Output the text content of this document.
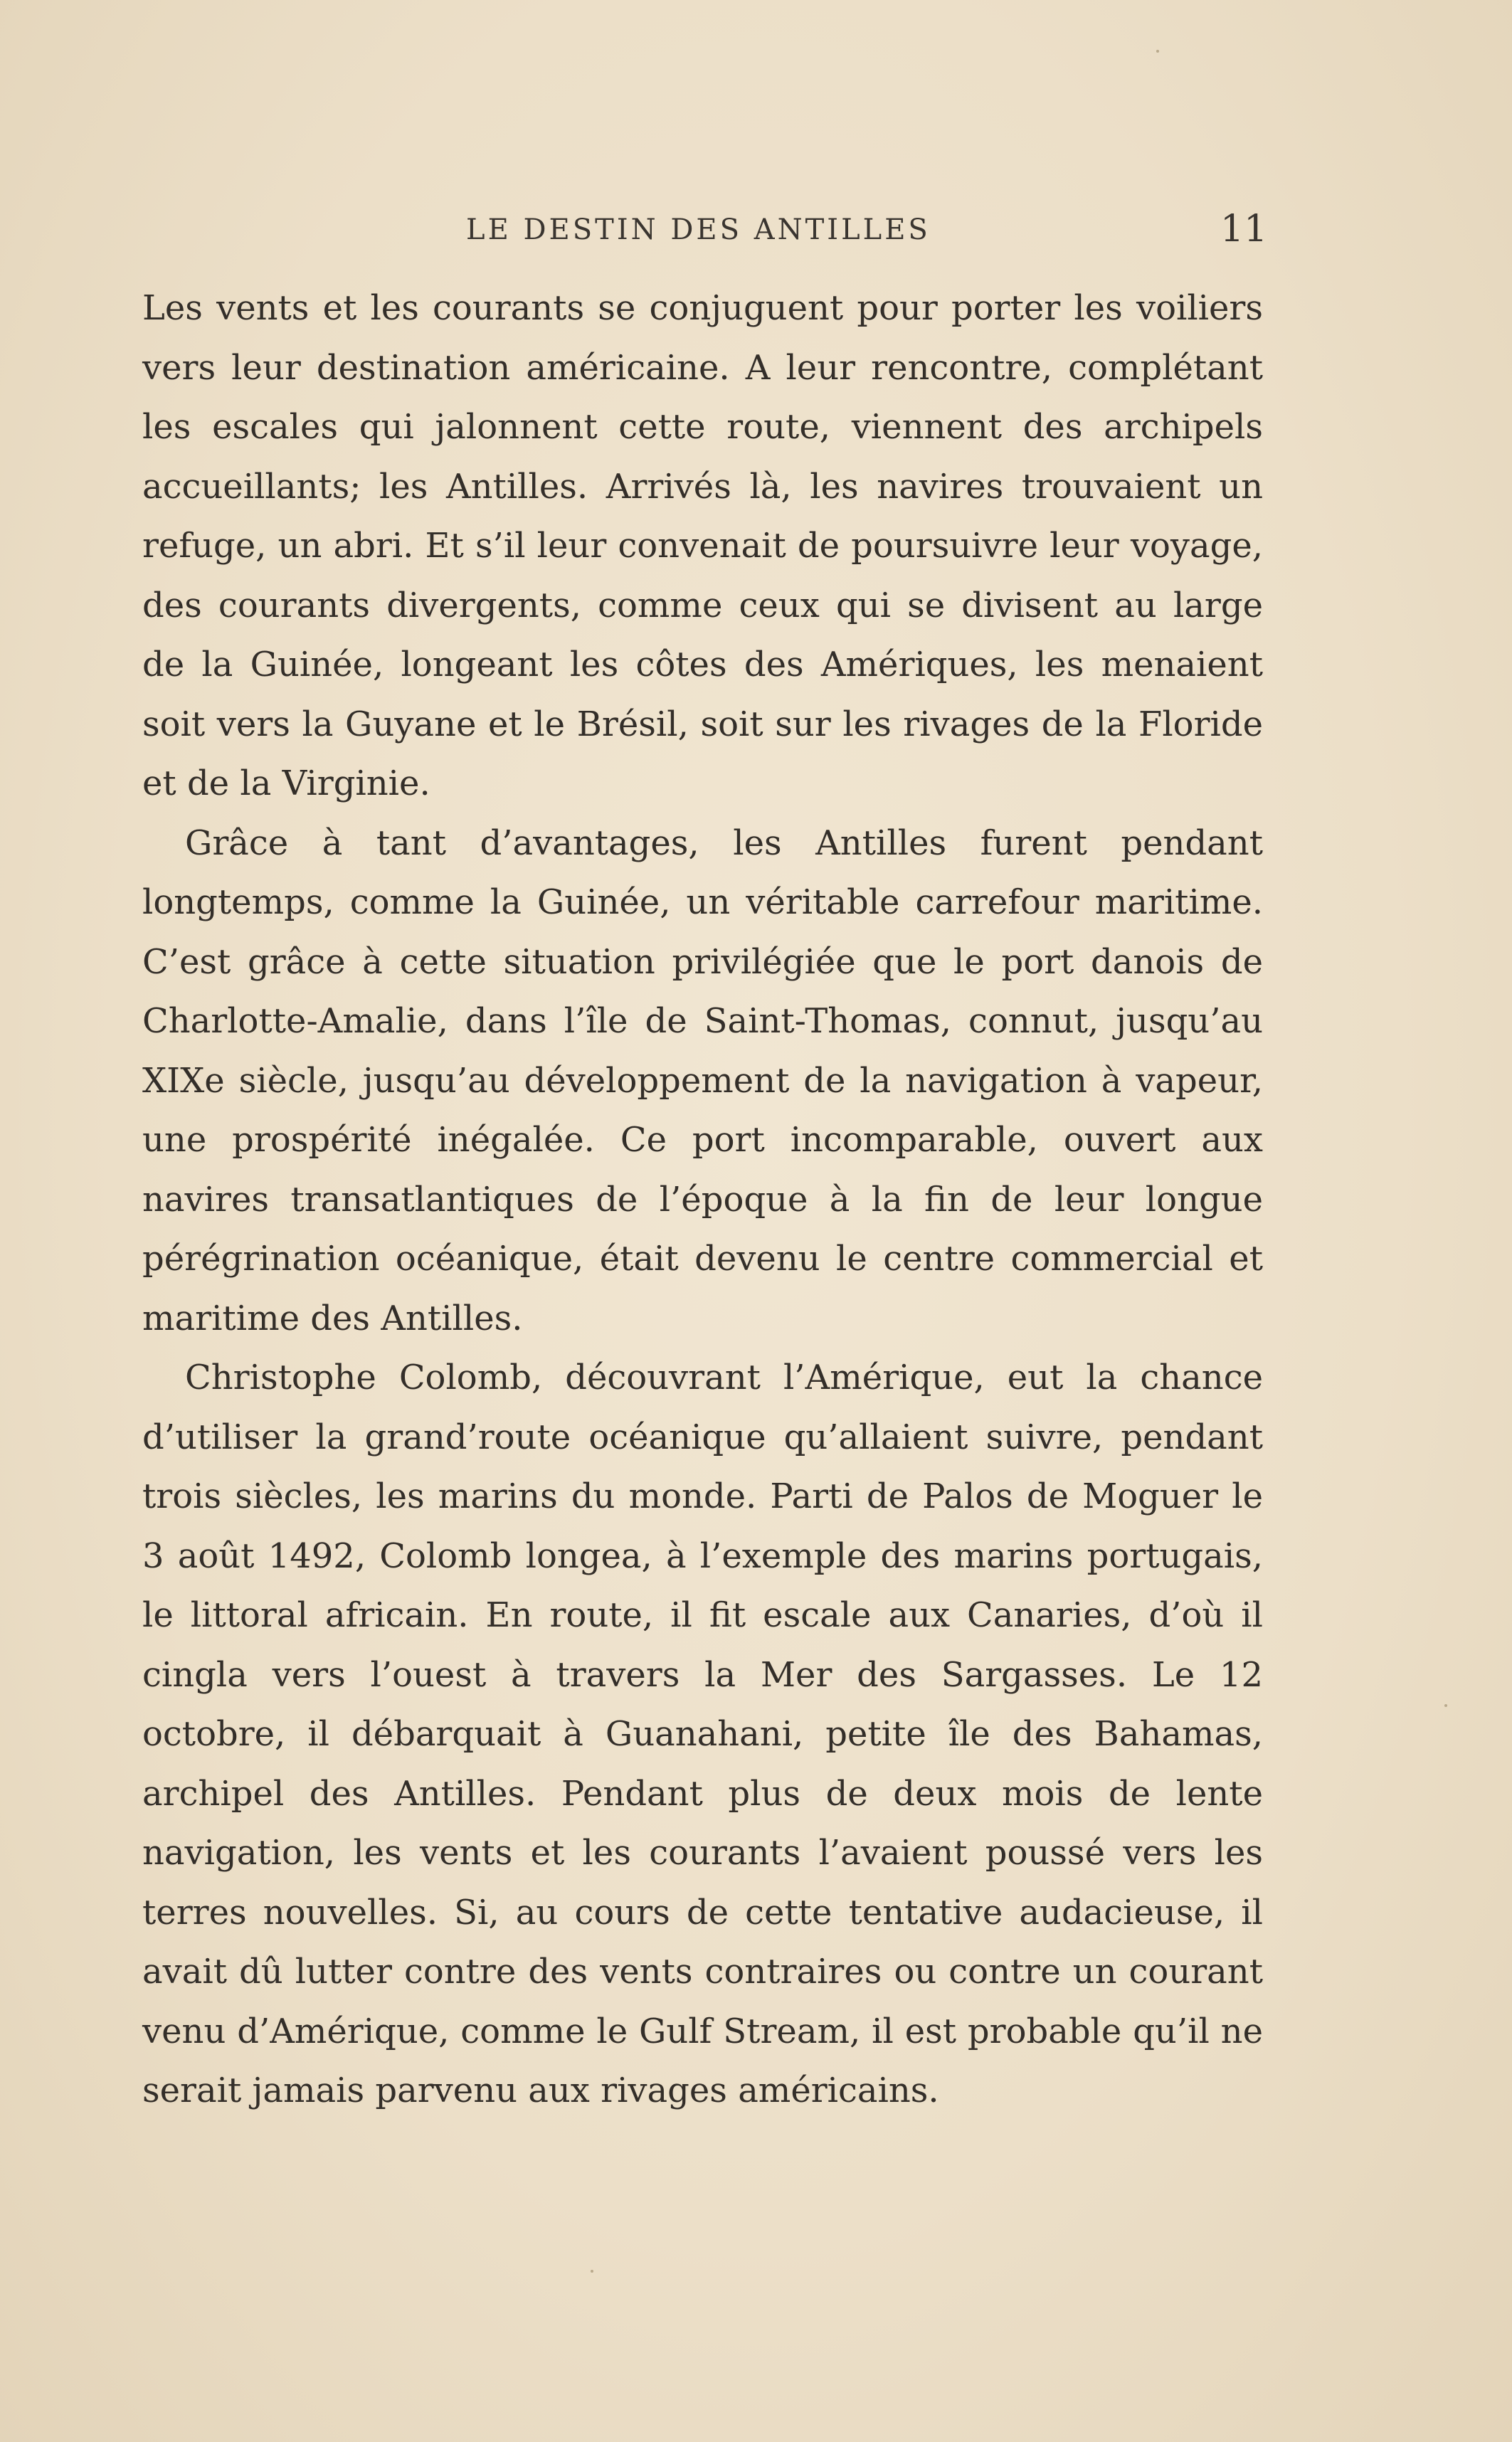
LE DESTIN DES ANTILLES	11

Les vents et les courants se conjuguent pour porter les voiliers vers leur destination américaine. A leur rencontre, complétant les escales qui jalonnent cette route, viennent des archipels accueillants; les Antilles. Arrivés là, les navires trouvaient un refuge, un abri. Et s’il leur convenait de poursuivre leur voyage, des courants divergents, comme ceux qui se divisent au large de la Guinée, longeant les côtes des Amériques, les menaient soit vers la Guyane et le Brésil, soit sur les rivages de la Floride et de la Virginie.

Grâce à tant d’avantages, les Antilles furent pendant longtemps, comme la Guinée, un véritable carrefour maritime. C’est grâce à cette situation privilégiée que le port danois de Charlotte-Amalie, dans l’île de Saint-Thomas, connut, jusqu’au XIXe siècle, jusqu’au développement de la navigation à vapeur, une prospérité inégalée. Ce port incomparable, ouvert aux navires transatlantiques de l’époque à la fin de leur longue pérégrination océanique, était devenu le centre commercial et maritime des Antilles.

Christophe Colomb, découvrant l’Amérique, eut la chance d’utiliser la grand’route océanique qu’allaient suivre, pendant trois siècles, les marins du monde. Parti de Palos de Moguer le 3 août 1492, Colomb longea, à l’exemple des marins portugais, le littoral africain. En route, il fit escale aux Canaries, d’où il cingla vers l’ouest à travers la Mer des Sargasses. Le 12 octobre, il débarquait à Guanahani, petite île des Bahamas, archipel des Antilles. Pendant plus de deux mois de lente navigation, les vents et les courants l’avaient poussé vers les terres nouvelles. Si, au cours de cette tentative audacieuse, il avait dû lutter contre des vents contraires ou contre un courant venu d’Amérique, comme le Gulf Stream, il est probable qu’il ne serait jamais parvenu aux rivages américains.
